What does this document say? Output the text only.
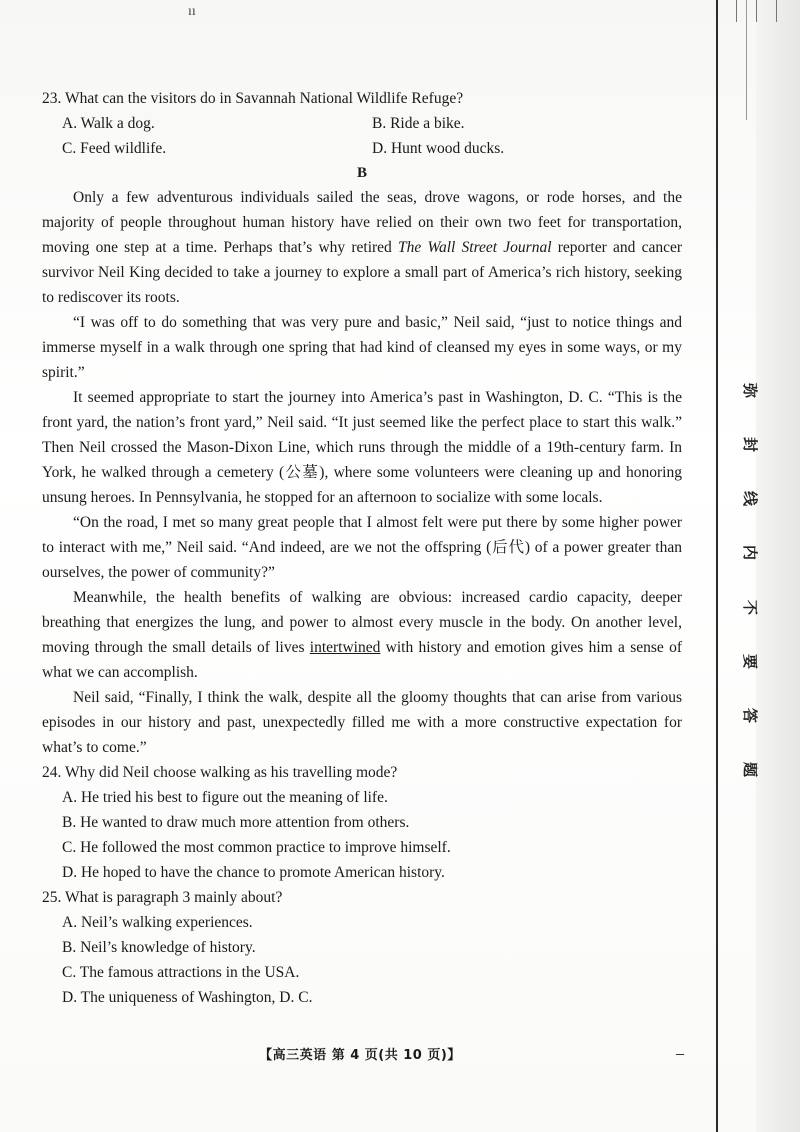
ıı

23. What can the visitors do in Savannah National Wildlife Refuge?

A. Walk a dog.	B. Ride a bike.
C. Feed wildlife.	D. Hunt wood ducks.

B

Only a few adventurous individuals sailed the seas, drove wagons, or rode horses, and the majority of people throughout human history have relied on their own two feet for transportation, moving one step at a time. Perhaps that’s why retired The Wall Street Journal reporter and cancer survivor Neil King decided to take a journey to explore a small part of America’s rich history, seeking to rediscover its roots.

“I was off to do something that was very pure and basic,” Neil said, “just to notice things and immerse myself in a walk through one spring that had kind of cleansed my eyes in some ways, or my spirit.”

It seemed appropriate to start the journey into America’s past in Washington, D. C. “This is the front yard, the nation’s front yard,” Neil said. “It just seemed like the perfect place to start this walk.” Then Neil crossed the Mason-Dixon Line, which runs through the middle of a 19th-century farm. In York, he walked through a cemetery (公墓), where some volunteers were cleaning up and honoring unsung heroes. In Pennsylvania, he stopped for an afternoon to socialize with some locals.

“On the road, I met so many great people that I almost felt were put there by some higher power to interact with me,” Neil said. “And indeed, are we not the offspring (后代) of a power greater than ourselves, the power of community?”

Meanwhile, the health benefits of walking are obvious: increased cardio capacity, deeper breathing that energizes the lung, and power to almost every muscle in the body. On another level, moving through the small details of lives intertwined with history and emotion gives him a sense of what we can accomplish.

Neil said, “Finally, I think the walk, despite all the gloomy thoughts that can arise from various episodes in our history and past, unexpectedly filled me with a more constructive expectation for what’s to come.”

24. Why did Neil choose walking as his travelling mode?

A. He tried his best to figure out the meaning of life.
B. He wanted to draw much more attention from others.
C. He followed the most common practice to improve himself.
D. He hoped to have the chance to promote American history.

25. What is paragraph 3 mainly about?

A. Neil’s walking experiences.
B. Neil’s knowledge of history.
C. The famous attractions in the USA.
D. The uniqueness of Washington, D. C.
【高三英语 第 4 页(共 10 页)】
弥
封
线
内
不
要
答
题
